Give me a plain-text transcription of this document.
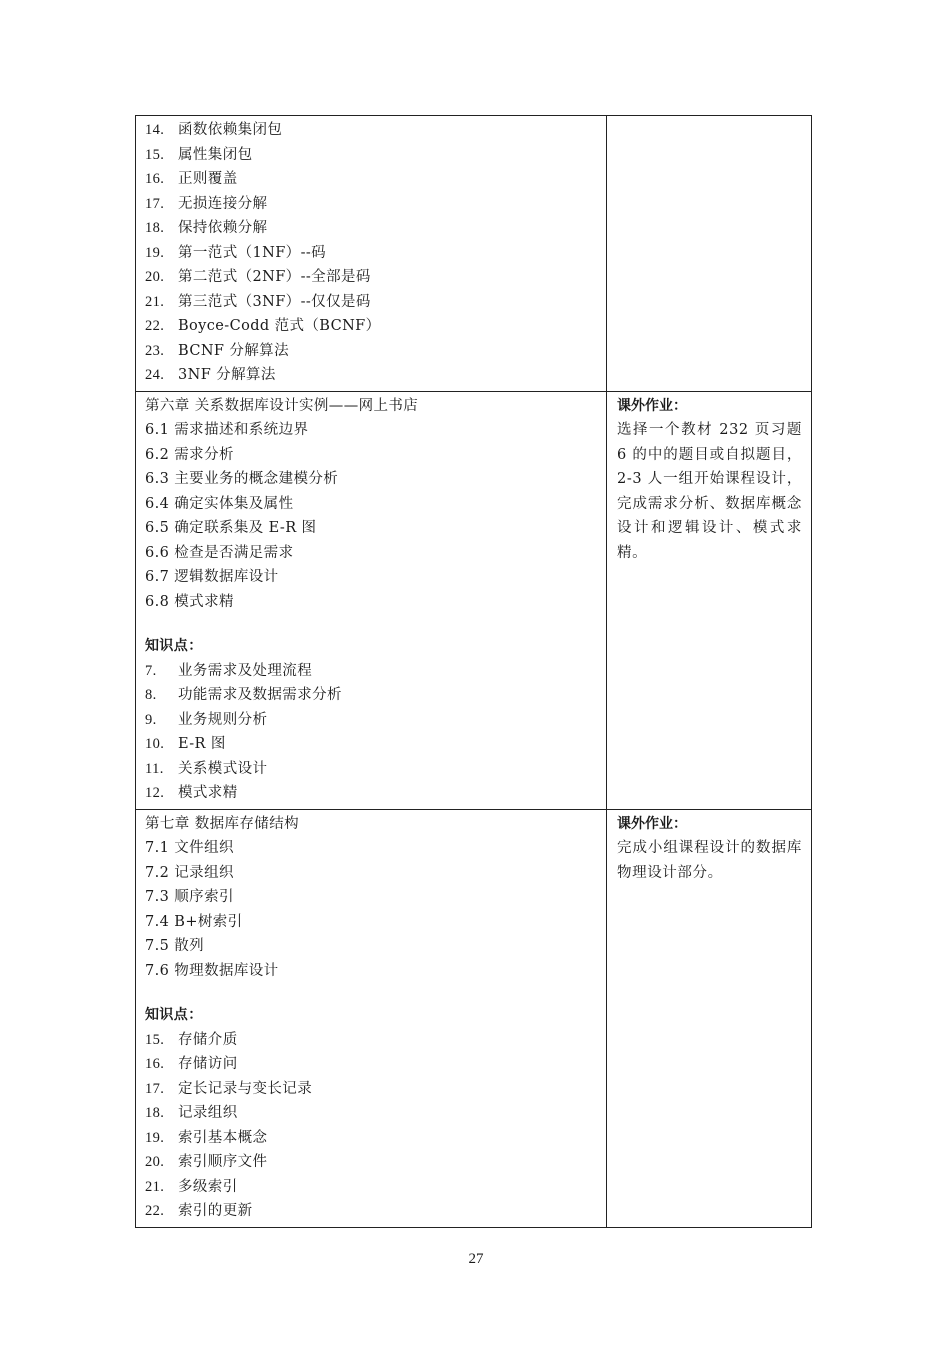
14. 函数依赖集闭包
15. 属性集闭包
16. 正则覆盖
17. 无损连接分解
18. 保持依赖分解
19. 第一范式（1NF）--码
20. 第二范式（2NF）--全部是码
21. 第三范式（3NF）--仅仅是码
22. Boyce-Codd 范式（BCNF）
23. BCNF 分解算法
24. 3NF 分解算法
第六章 关系数据库设计实例——网上书店
6.1 需求描述和系统边界
6.2 需求分析
6.3 主要业务的概念建模分析
6.4 确定实体集及属性
6.5 确定联系集及 E-R 图
6.6 检查是否满足需求
6.7 逻辑数据库设计
6.8 模式求精
知识点：
7. 业务需求及处理流程
8. 功能需求及数据需求分析
9. 业务规则分析
10. E-R 图
11. 关系模式设计
12. 模式求精
课外作业：
选择一个教材 232 页习题 6 的中的题目或自拟题目，2-3 人一组开始课程设计，完成需求分析、数据库概念设计和逻辑设计、模式求精。
第七章 数据库存储结构
7.1 文件组织
7.2 记录组织
7.3 顺序索引
7.4 B+树索引
7.5 散列
7.6 物理数据库设计
知识点：
15. 存储介质
16. 存储访问
17. 定长记录与变长记录
18. 记录组织
19. 索引基本概念
20. 索引顺序文件
21. 多级索引
22. 索引的更新
课外作业：
完成小组课程设计的数据库物理设计部分。
27
